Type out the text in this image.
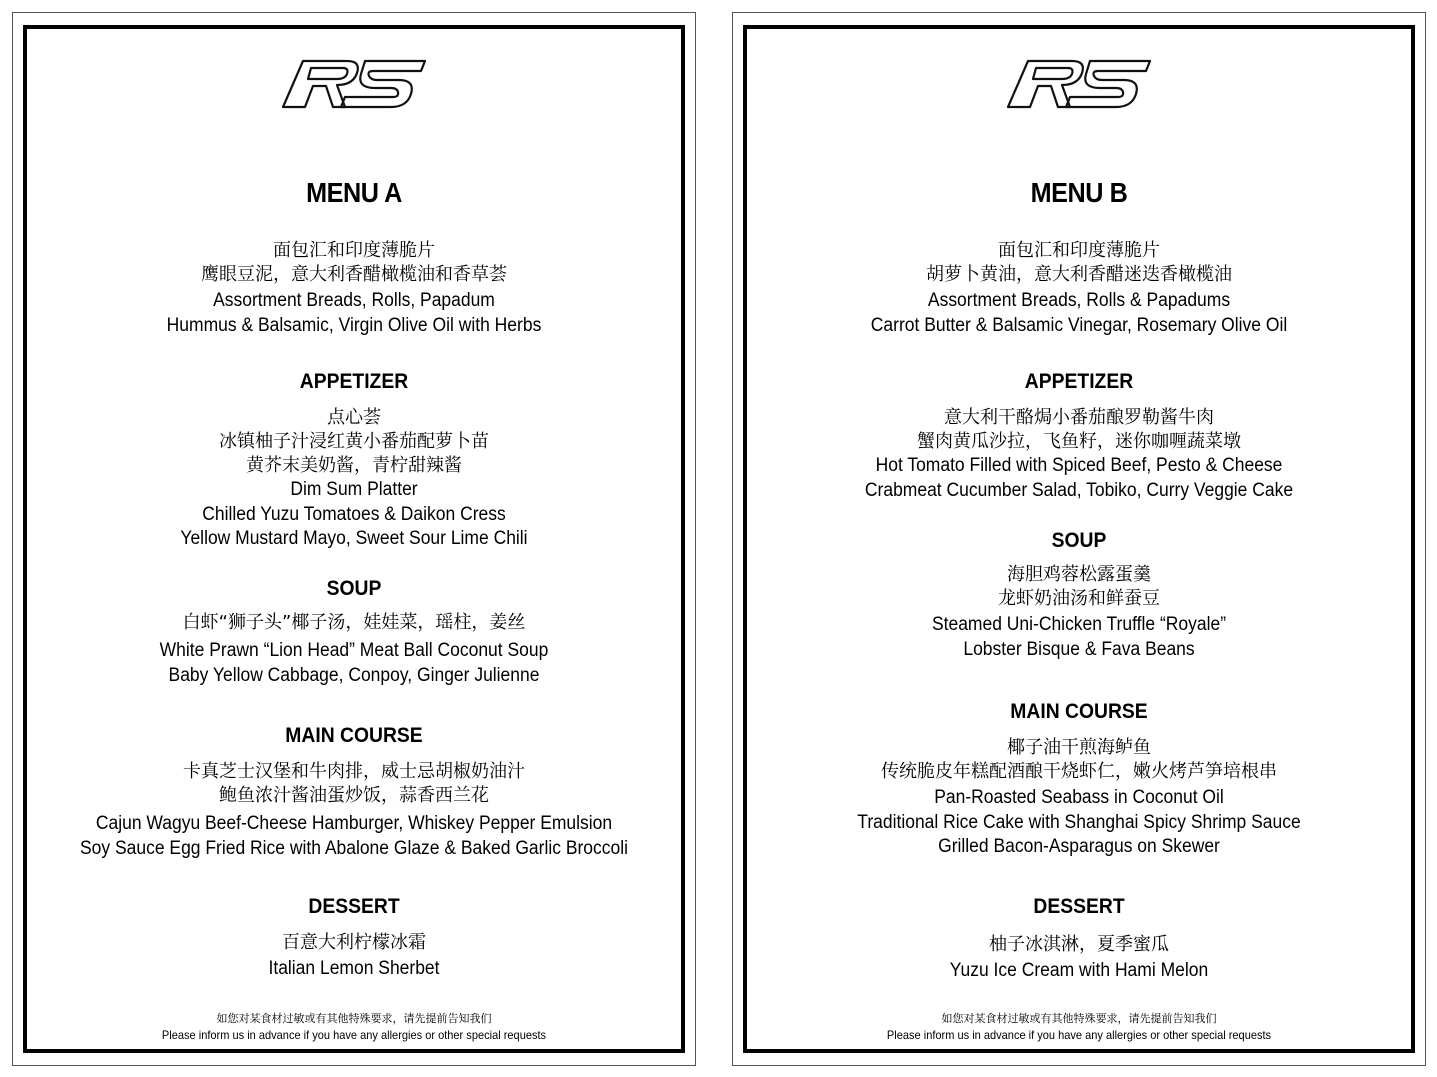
RS
MENU A
面包汇和印度薄脆片
鹰眼豆泥，意大利香醋橄榄油和香草荟
Assortment Breads, Rolls, Papadum
Hummus & Balsamic, Virgin Olive Oil with Herbs
APPETIZER
点心荟
冰镇柚子汁浸红黄小番茄配萝卜苗
黄芥末美奶酱，青柠甜辣酱
Dim Sum Platter
Chilled Yuzu Tomatoes & Daikon Cress
Yellow Mustard Mayo, Sweet Sour Lime Chili
SOUP
白虾“狮子头”椰子汤，娃娃菜，瑶柱，姜丝
White Prawn “Lion Head” Meat Ball Coconut Soup
Baby Yellow Cabbage, Conpoy, Ginger Julienne
MAIN COURSE
卡真芝士汉堡和牛肉排，威士忌胡椒奶油汁
鲍鱼浓汁酱油蛋炒饭，蒜香西兰花
Cajun Wagyu Beef-Cheese Hamburger, Whiskey Pepper Emulsion
Soy Sauce Egg Fried Rice with Abalone Glaze & Baked Garlic Broccoli
DESSERT
百意大利柠檬冰霜
Italian Lemon Sherbet
如您对某食材过敏或有其他特殊要求，请先提前告知我们
Please inform us in advance if you have any allergies or other special requests
MENU B
面包汇和印度薄脆片
胡萝卜黄油，意大利香醋迷迭香橄榄油
Assortment Breads, Rolls & Papadums
Carrot Butter & Balsamic Vinegar, Rosemary Olive Oil
APPETIZER
意大利干酪焗小番茄酿罗勒酱牛肉
蟹肉黄瓜沙拉，飞鱼籽，迷你咖喱蔬菜墩
Hot Tomato Filled with Spiced Beef, Pesto & Cheese
Crabmeat Cucumber Salad, Tobiko, Curry Veggie Cake
SOUP
海胆鸡蓉松露蛋羹
龙虾奶油汤和鲜蚕豆
Steamed Uni-Chicken Truffle “Royale”
Lobster Bisque & Fava Beans
MAIN COURSE
椰子油干煎海鲈鱼
传统脆皮年糕配酒酿干烧虾仁，嫩火烤芦笋培根串
Pan-Roasted Seabass in Coconut Oil
Traditional Rice Cake with Shanghai Spicy Shrimp Sauce
Grilled Bacon-Asparagus on Skewer
DESSERT
柚子冰淇淋，夏季蜜瓜
Yuzu Ice Cream with Hami Melon
如您对某食材过敏或有其他特殊要求，请先提前告知我们
Please inform us in advance if you have any allergies or other special requests
